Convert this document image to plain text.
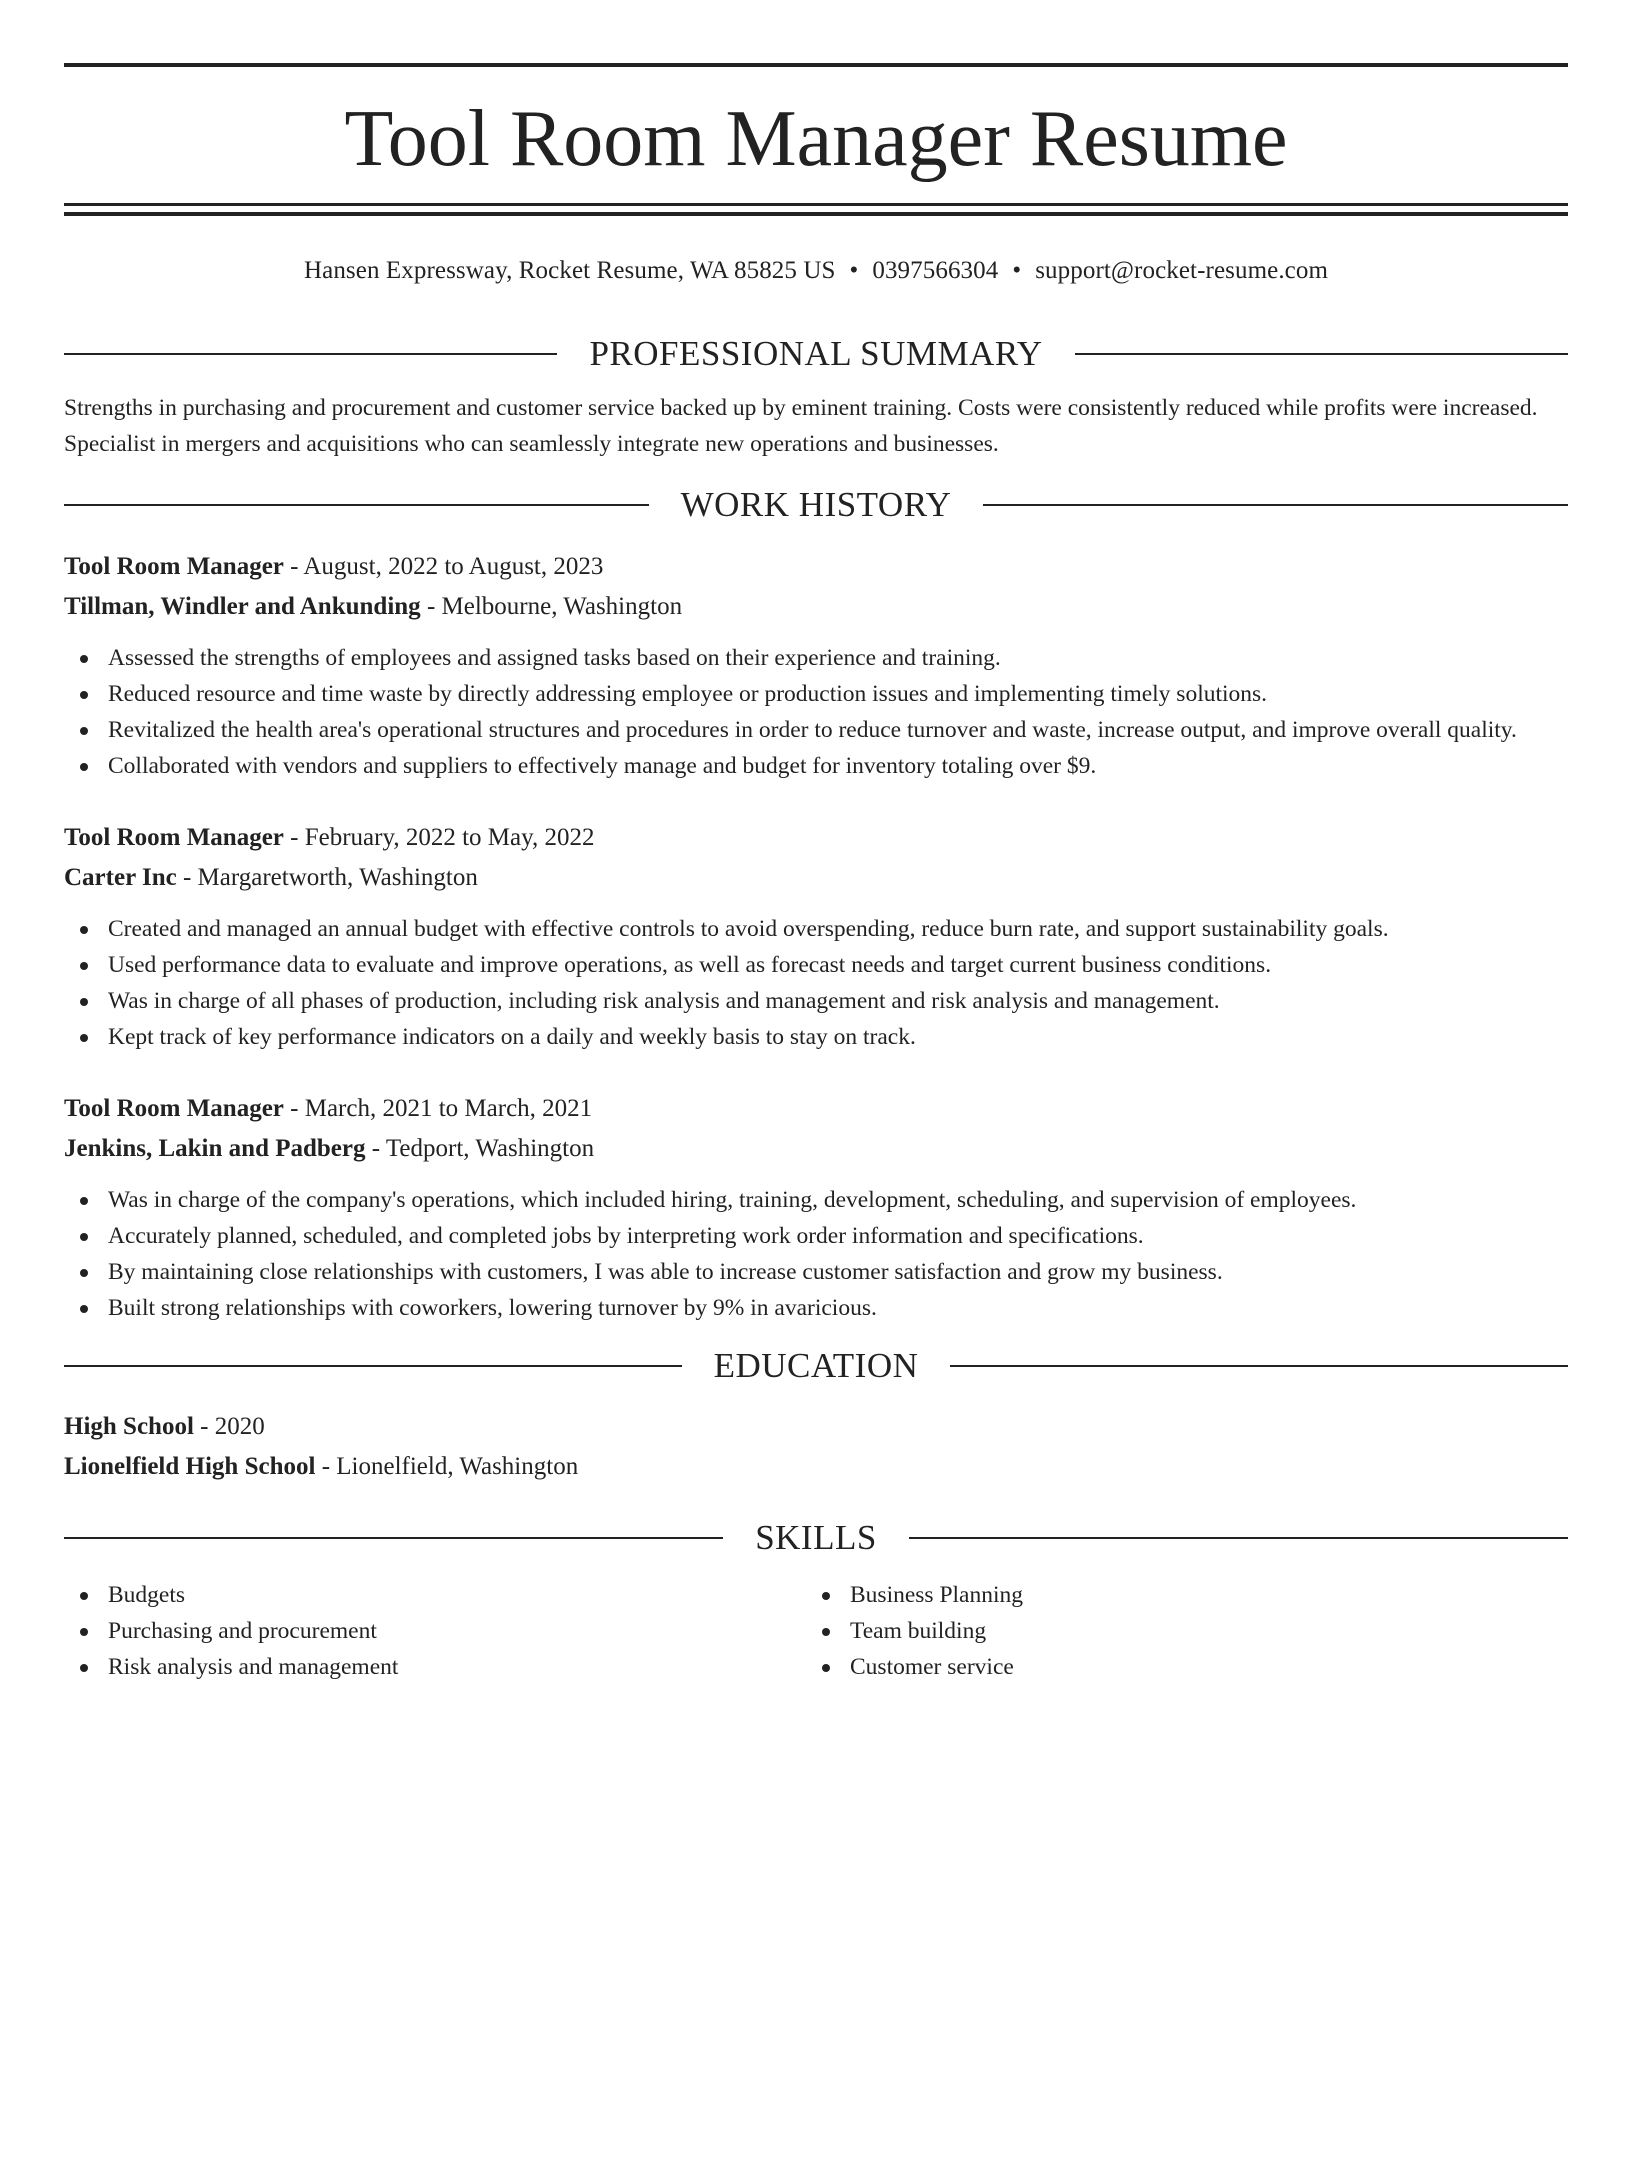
Tool Room Manager Resume
Hansen Expressway, Rocket Resume, WA 85825 US • 0397566304 • support@rocket-resume.com
PROFESSIONAL SUMMARY

Strengths in purchasing and procurement and customer service backed up by eminent training. Costs were consistently reduced while profits were increased. Specialist in mergers and acquisitions who can seamlessly integrate new operations and businesses.

WORK HISTORY
Tool Room Manager - August, 2022 to August, 2023
Tillman, Windler and Ankunding - Melbourne, Washington
Assessed the strengths of employees and assigned tasks based on their experience and training.
Reduced resource and time waste by directly addressing employee or production issues and implementing timely solutions.
Revitalized the health area's operational structures and procedures in order to reduce turnover and waste, increase output, and improve overall quality.
Collaborated with vendors and suppliers to effectively manage and budget for inventory totaling over $9.
Tool Room Manager - February, 2022 to May, 2022
Carter Inc - Margaretworth, Washington
Created and managed an annual budget with effective controls to avoid overspending, reduce burn rate, and support sustainability goals.
Used performance data to evaluate and improve operations, as well as forecast needs and target current business conditions.
Was in charge of all phases of production, including risk analysis and management and risk analysis and management.
Kept track of key performance indicators on a daily and weekly basis to stay on track.
Tool Room Manager - March, 2021 to March, 2021
Jenkins, Lakin and Padberg - Tedport, Washington
Was in charge of the company's operations, which included hiring, training, development, scheduling, and supervision of employees.
Accurately planned, scheduled, and completed jobs by interpreting work order information and specifications.
By maintaining close relationships with customers, I was able to increase customer satisfaction and grow my business.
Built strong relationships with coworkers, lowering turnover by 9% in avaricious.
EDUCATION
High School - 2020
Lionelfield High School - Lionelfield, Washington
SKILLS
Budgets
Purchasing and procurement
Risk analysis and management
Business Planning
Team building
Customer service
